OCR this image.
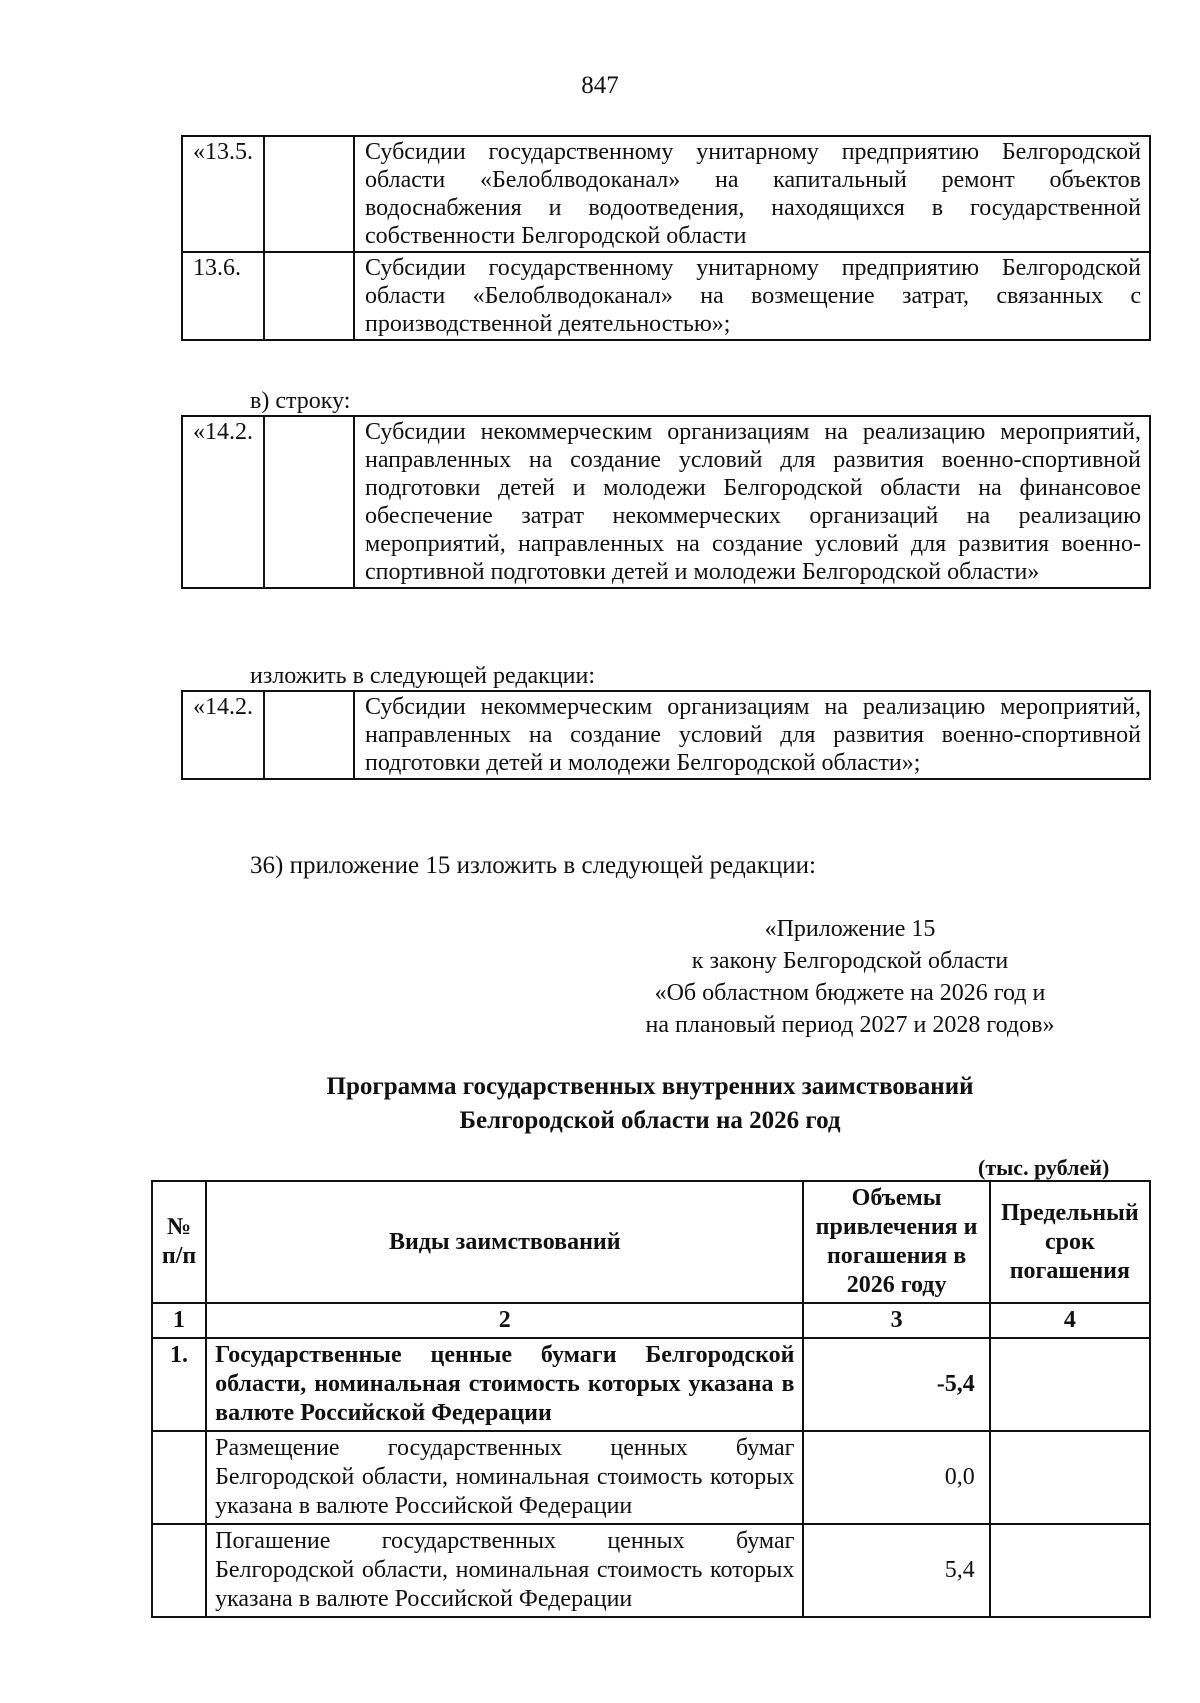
847
«13.5.		Субсидии государственному унитарному предприятию Белгородской области «Белоблводоканал» на капитальный ремонт объектов водоснабжения и водоотведения, находящихся в государственной собственности Белгородской области
13.6.		Субсидии государственному унитарному предприятию Белгородской области «Белоблводоканал» на возмещение затрат, связанных с производственной деятельностью»;
в) строку:
«14.2.		Субсидии некоммерческим организациям на реализацию мероприятий, направленных на создание условий для развития военно-спортивной подготовки детей и молодежи Белгородской области на финансовое обеспечение затрат некоммерческих организаций на реализацию мероприятий, направленных на создание условий для развития военно-спортивной подготовки детей и молодежи Белгородской области»
изложить в следующей редакции:
«14.2.		Субсидии некоммерческим организациям на реализацию мероприятий, направленных на создание условий для развития военно-спортивной подготовки детей и молодежи Белгородской области»;
36) приложение 15 изложить в следующей редакции:
«Приложение 15
к закону Белгородской области
«Об областном бюджете на 2026 год и
на плановый период 2027 и 2028 годов»
Программа государственных внутренних заимствований
Белгородской области на 2026 год
(тыс. рублей)
№ п/п	Виды заимствований	Объемы привлечения и погашения в 2026 году	Предельный срок погашения
1	2	3	4
1.	Государственные ценные бумаги Белгородской области, номинальная стоимость которых указана в валюте Российской Федерации	-5,4	
	Размещение государственных ценных бумаг Белгородской области, номинальная стоимость которых указана в валюте Российской Федерации	0,0	
	Погашение государственных ценных бумаг Белгородской области, номинальная стоимость которых указана в валюте Российской Федерации	5,4	
